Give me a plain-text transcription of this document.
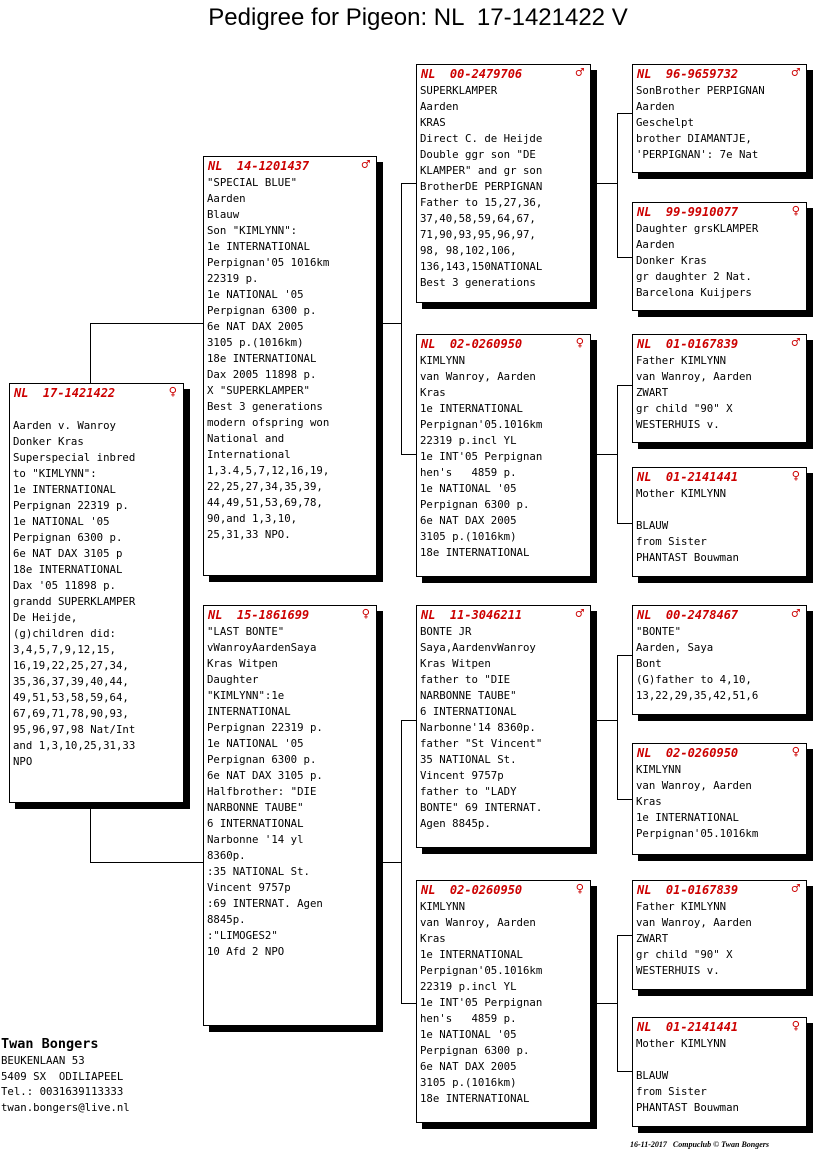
Pedigree for Pigeon: NL  17-1421422 V
NL  17-1421422	♀

Aarden v. Wanroy
Donker Kras
Superspecial inbred
to "KIMLYNN":
1e INTERNATIONAL
Perpignan 22319 p.
1e NATIONAL '05
Perpignan 6300 p.
6e NAT DAX 3105 p
18e INTERNATIONAL
Dax '05 11898 p.
grandd SUPERKLAMPER
De Heijde,
(g)children did:
3,4,5,7,9,12,15,
16,19,22,25,27,34,
35,36,37,39,40,44,
49,51,53,58,59,64,
67,69,71,78,90,93,
95,96,97,98 Nat/Int
and 1,3,10,25,31,33
NPO
NL  14-1201437	♂
"SPECIAL BLUE"
Aarden
Blauw
Son "KIMLYNN":
1e INTERNATIONAL
Perpignan'05 1016km
22319 p.
1e NATIONAL '05
Perpignan 6300 p.
6e NAT DAX 2005
3105 p.(1016km)
18e INTERNATIONAL
Dax 2005 11898 p.
X "SUPERKLAMPER"
Best 3 generations
modern ofspring won
National and
International
1,3.4,5,7,12,16,19,
22,25,27,34,35,39,
44,49,51,53,69,78,
90,and 1,3,10,
25,31,33 NPO.
NL  15-1861699	♀
"LAST BONTE"
vWanroyAardenSaya
Kras Witpen
Daughter
"KIMLYNN":1e
INTERNATIONAL
Perpignan 22319 p.
1e NATIONAL '05
Perpignan 6300 p.
6e NAT DAX 3105 p.
Halfbrother: "DIE
NARBONNE TAUBE"
6 INTERNATIONAL
Narbonne '14 yl
8360p.
:35 NATIONAL St.
Vincent 9757p
:69 INTERNAT. Agen
8845p.
:"LIMOGES2"
10 Afd 2 NPO
NL  00-2479706	♂
SUPERKLAMPER
Aarden
KRAS
Direct C. de Heijde
Double ggr son "DE
KLAMPER" and gr son
BrotherDE PERPIGNAN
Father to 15,27,36,
37,40,58,59,64,67,
71,90,93,95,96,97,
98, 98,102,106,
136,143,150NATIONAL
Best 3 generations
NL  02-0260950	♀
KIMLYNN
van Wanroy, Aarden
Kras
1e INTERNATIONAL
Perpignan'05.1016km
22319 p.incl YL
1e INT'05 Perpignan
hen's   4859 p.
1e NATIONAL '05
Perpignan 6300 p.
6e NAT DAX 2005
3105 p.(1016km)
18e INTERNATIONAL
NL  11-3046211	♂
BONTE JR
Saya,AardenvWanroy
Kras Witpen
father to "DIE
NARBONNE TAUBE"
6 INTERNATIONAL
Narbonne'14 8360p.
father "St Vincent"
35 NATIONAL St.
Vincent 9757p
father to "LADY
BONTE" 69 INTERNAT.
Agen 8845p.
NL  02-0260950	♀
KIMLYNN
van Wanroy, Aarden
Kras
1e INTERNATIONAL
Perpignan'05.1016km
22319 p.incl YL
1e INT'05 Perpignan
hen's   4859 p.
1e NATIONAL '05
Perpignan 6300 p.
6e NAT DAX 2005
3105 p.(1016km)
18e INTERNATIONAL
NL  96-9659732	♂
SonBrother PERPIGNAN
Aarden
Geschelpt
brother DIAMANTJE,
'PERPIGNAN': 7e Nat
NL  99-9910077	♀
Daughter grsKLAMPER
Aarden
Donker Kras
gr daughter 2 Nat.
Barcelona Kuijpers
NL  01-0167839	♂
Father KIMLYNN
van Wanroy, Aarden
ZWART
gr child "90" X
WESTERHUIS v.
NL  01-2141441	♀
Mother KIMLYNN

BLAUW
from Sister
PHANTAST Bouwman
NL  00-2478467	♂
"BONTE"
Aarden, Saya
Bont
(G)father to 4,10,
13,22,29,35,42,51,6
NL  02-0260950	♀
KIMLYNN
van Wanroy, Aarden
Kras
1e INTERNATIONAL
Perpignan'05.1016km
NL  01-0167839	♂
Father KIMLYNN
van Wanroy, Aarden
ZWART
gr child "90" X
WESTERHUIS v.
NL  01-2141441	♀
Mother KIMLYNN

BLAUW
from Sister
PHANTAST Bouwman
Twan Bongers
BEUKENLAAN 53
5409 SX  ODILIAPEEL
Tel.: 0031639113333
twan.bongers@live.nl
16-11-2017   Compuclub © Twan Bongers
